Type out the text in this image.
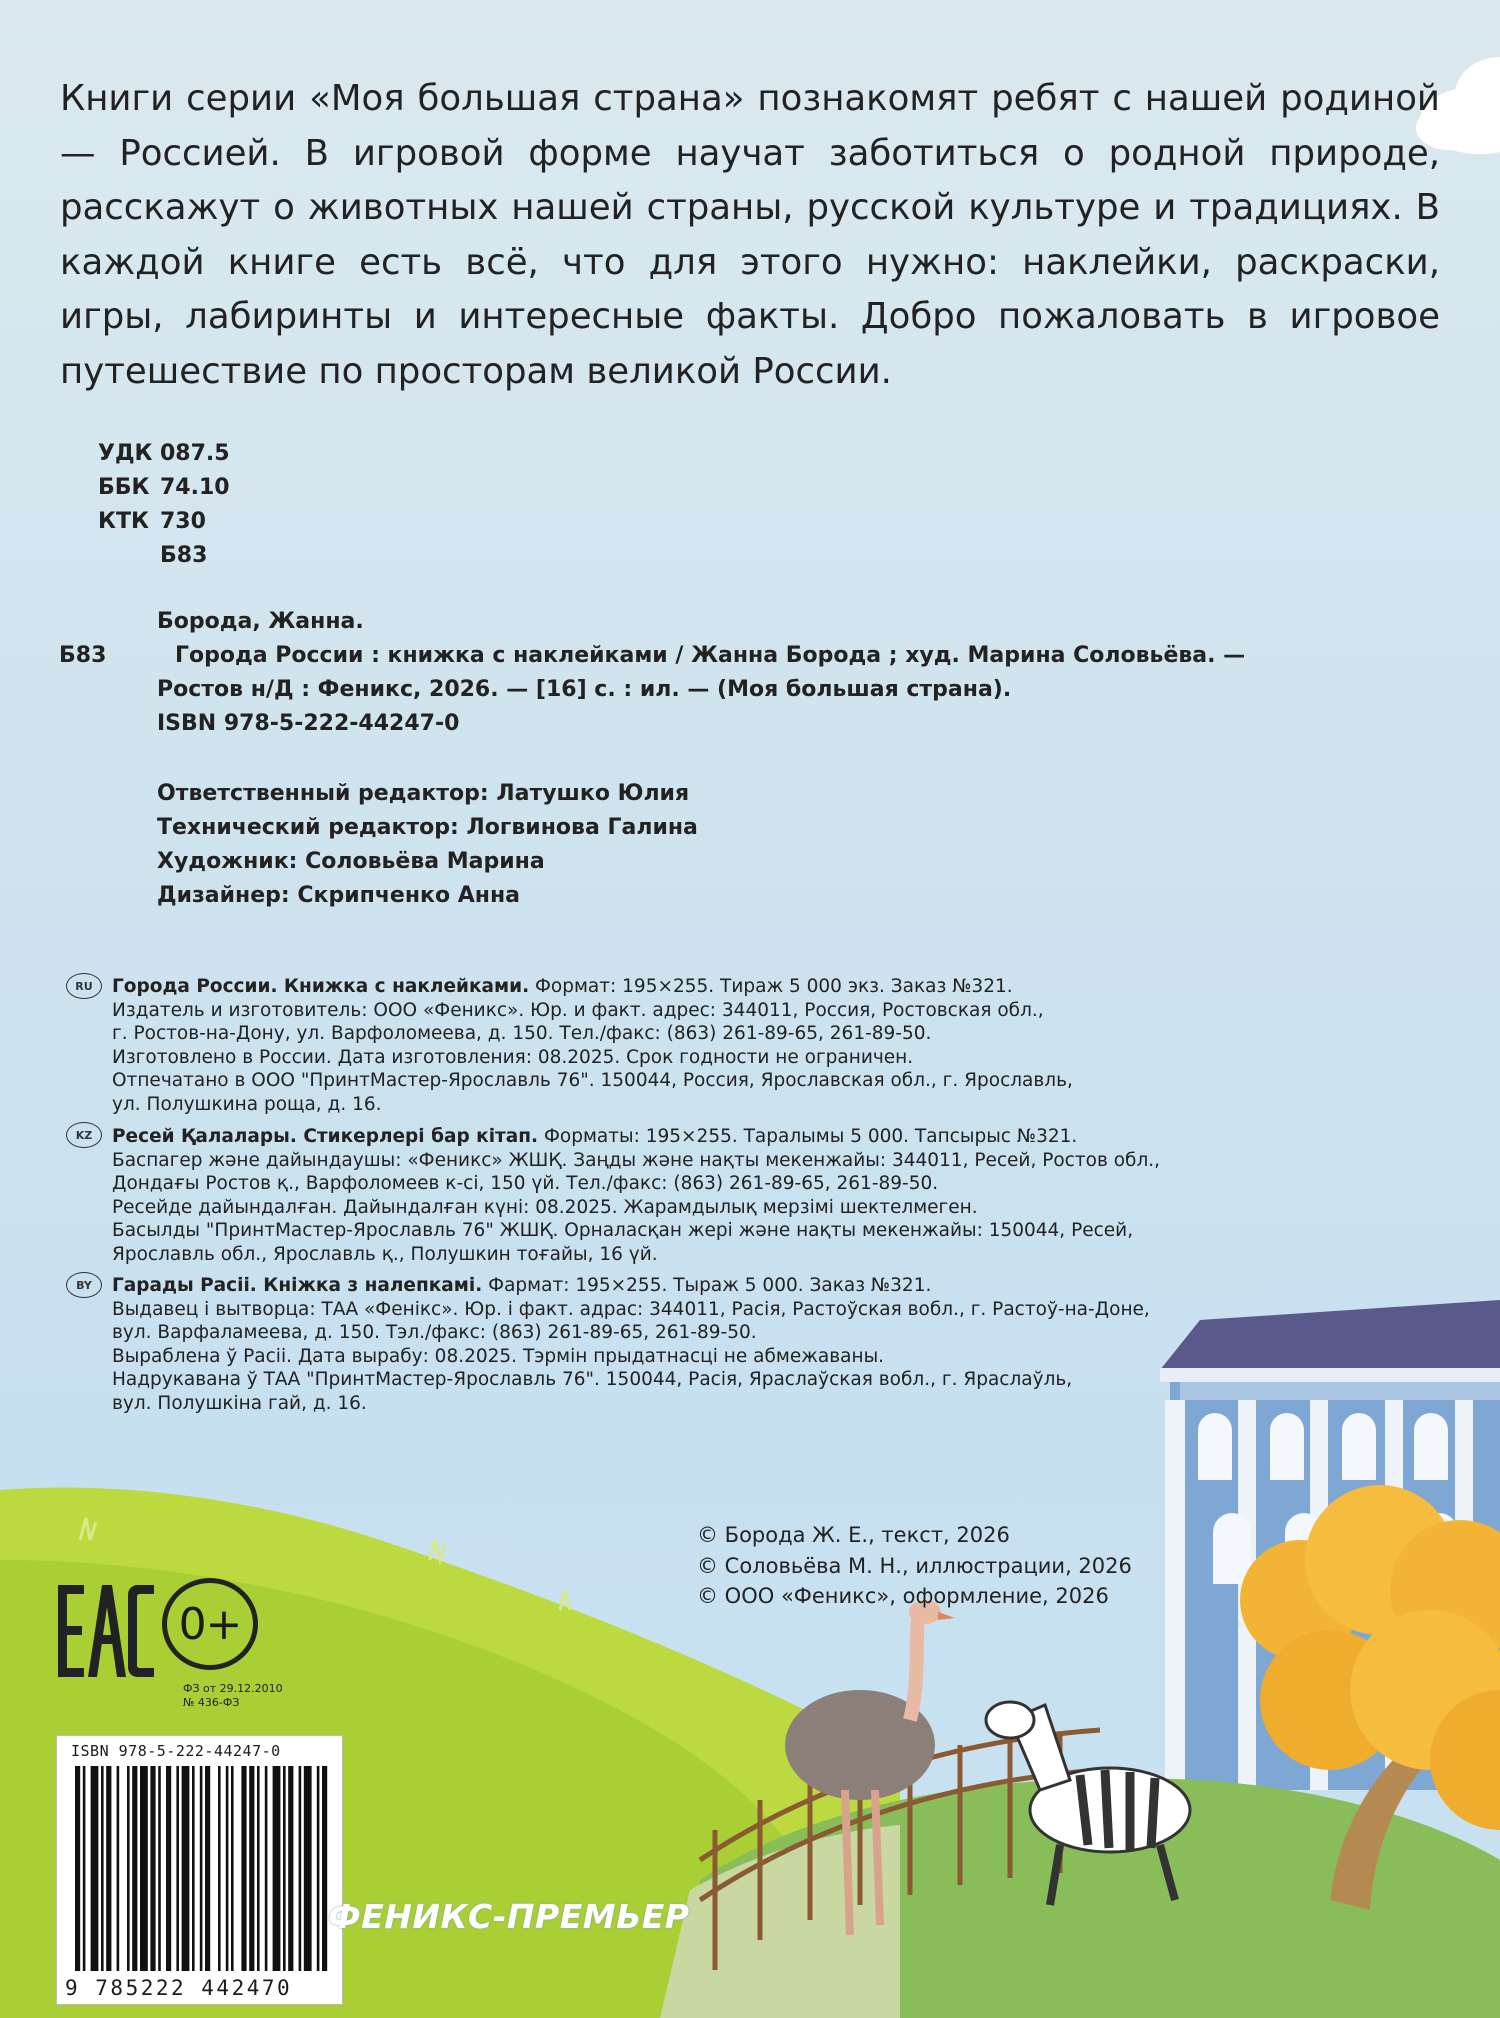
Книги серии «Моя большая страна» познакомят ребят с нашей родиной — Россией. В игровой форме научат заботиться о родной природе, расскажут о животных нашей страны, русской культуре и традициях. В каждой книге есть всё, что для этого нужно: наклейки, раскраски, игры, лабиринты и интересные факты. Добро пожаловать в игровое путешествие по просторам великой России.
УДК 087.5
ББК 74.10
КТК 730
Б83
Борода, Жанна.
Б83	Города России : книжка с наклейками / Жанна Борода ; худ. Марина Соловьёва. —
Ростов н/Д : Феникс, 2026. — [16] с. : ил. — (Моя большая страна).
ISBN 978-5-222-44247-0
Ответственный редактор: Латушко Юлия
Технический редактор: Логвинова Галина
Художник: Соловьёва Марина
Дизайнер: Скрипченко Анна
RU	Города России. Книжка с наклейками. Формат: 195×255. Тираж 5 000 экз. Заказ №321.
Издатель и изготовитель: ООО «Феникс». Юр. и факт. адрес: 344011, Россия, Ростовская обл.,
г. Ростов-на-Дону, ул. Варфоломеева, д. 150. Тел./факс: (863) 261-89-65, 261-89-50.
Изготовлено в России. Дата изготовления: 08.2025. Срок годности не ограничен.
Отпечатано в ООО "ПринтМастер-Ярославль 76". 150044, Россия, Ярославская обл., г. Ярославль,
ул. Полушкина роща, д. 16.
KZ	Ресей Қалалары. Стикерлері бар кітап. Форматы: 195×255. Таралымы 5 000. Тапсырыс №321.
Баспагер және дайындаушы: «Феникс» ЖШҚ. Заңды және нақты мекенжайы: 344011, Ресей, Ростов обл.,
Дондағы Ростов қ., Варфоломеев к-сі, 150 үй. Тел./факс: (863) 261-89-65, 261-89-50.
Ресейде дайындалған. Дайындалған күні: 08.2025. Жарамдылық мерзімі шектелмеген.
Басылды "ПринтМастер-Ярославль 76" ЖШҚ. Орналасқан жері және нақты мекенжайы: 150044, Ресей,
Ярославль обл., Ярославль қ., Полушкин тоғайы, 16 үй.
BY	Гарады Расіі. Кніжка з налепкамі. Фармат: 195×255. Тыраж 5 000. Заказ №321.
Выдавец і вытворца: ТАА «Фенікс». Юр. і факт. адрас: 344011, Расія, Растоўская вобл., г. Растоў-на-Доне,
вул. Варфаламеева, д. 150. Тэл./факс: (863) 261-89-65, 261-89-50.
Выраблена ў Расіі. Дата вырабу: 08.2025. Тэрмін прыдатнасці не абмежаваны.
Надрукавана ў ТАА "ПринтМастер-Ярославль 76". 150044, Расія, Яраслаўская вобл., г. Яраслаўль,
вул. Полушкіна гай, д. 16.
© Борода Ж. Е., текст, 2026
© Соловьёва М. Н., иллюстрации, 2026
© ООО «Феникс», оформление, 2026
0+
ФЗ от 29.12.2010
№ 436-ФЗ
ISBN 978-5-222-44247-0
9 785222 442470
ФЕНИКС-ПРЕМЬЕР
